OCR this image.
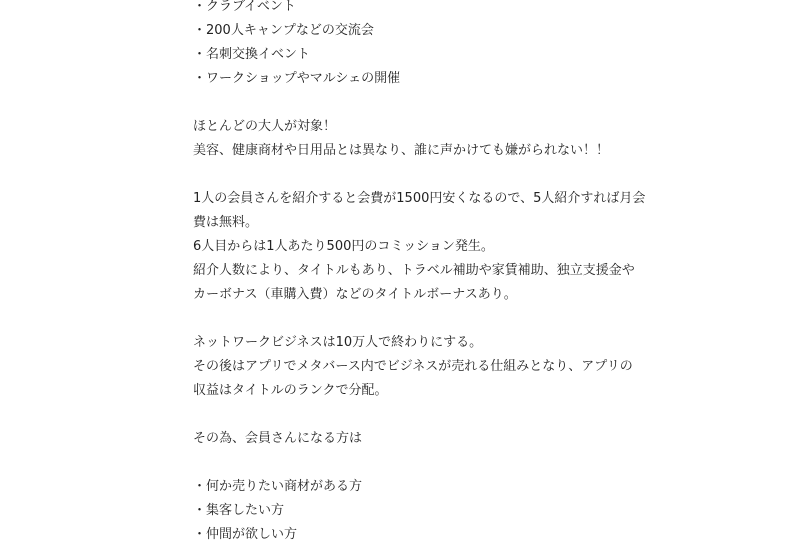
・クラブイベント

・200人キャンプなどの交流会

・名刺交換イベント

・ワークショップやマルシェの開催

ほとんどの大人が対象！

美容、健康商材や日用品とは異なり、誰に声かけても嫌がられない！！

1人の会員さんを紹介すると会費が1500円安くなるので、5人紹介すれば月会

費は無料。

6人目からは1人あたり500円のコミッション発生。

紹介人数により、タイトルもあり、トラベル補助や家賃補助、独立支援金や

カーボナス（車購入費）などのタイトルボーナスあり。

ネットワークビジネスは10万人で終わりにする。

その後はアプリでメタバース内でビジネスが売れる仕組みとなり、アプリの

収益はタイトルのランクで分配。

その為、会員さんになる方は

・何か売りたい商材がある方

・集客したい方

・仲間が欲しい方
